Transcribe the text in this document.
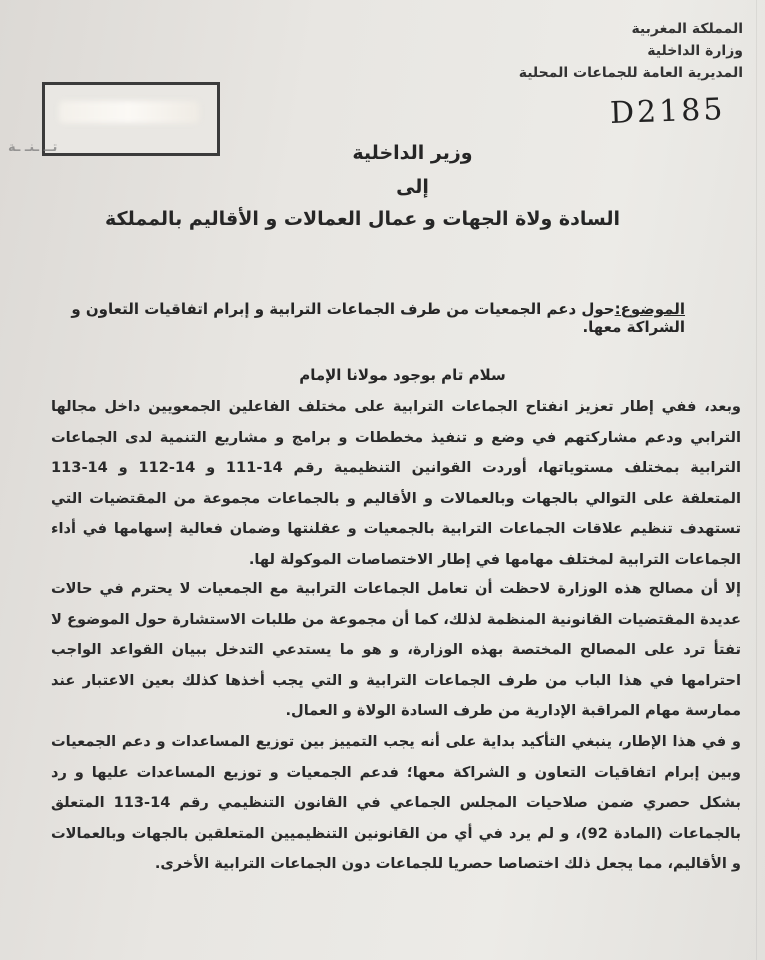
المملكة المغربية
وزارة الداخلية
المديرية العامة للجماعات المحلية
D2185
تــ ـنـ ـة	وزير الداخلية
إلى
السادة ولاة الجهات و عمال العمالات و الأقاليم بالمملكة
الموضوع:حول دعم الجمعيات من طرف الجماعات الترابية و إبرام اتفاقيات التعاون و الشراكة معها.
سلام تام بوجود مولانا الإمام
وبعد، ففي إطار تعزيز انفتاح الجماعات الترابية على مختلف الفاعلين الجمعويين داخل مجالها الترابي ودعم مشاركتهم في وضع و تنفيذ مخططات و برامج و مشاريع التنمية لدى الجماعات الترابية بمختلف مستوياتها، أوردت القوانين التنظيمية رقم 14-111 و 14-112 و 14-113 المتعلقة على التوالي بالجهات وبالعمالات و الأقاليم و بالجماعات مجموعة من المقتضيات التي تستهدف تنظيم علاقات الجماعات الترابية بالجمعيات و عقلنتها وضمان فعالية إسهامها في أداء الجماعات الترابية لمختلف مهامها في إطار الاختصاصات الموكولة لها.
إلا أن مصالح هذه الوزارة لاحظت أن تعامل الجماعات الترابية مع الجمعيات لا يحترم في حالات عديدة المقتضيات القانونية المنظمة لذلك، كما أن مجموعة من طلبات الاستشارة حول الموضوع لا تفتأ ترد على المصالح المختصة بهذه الوزارة، و هو ما يستدعي التدخل ببيان القواعد الواجب احترامها في هذا الباب من طرف الجماعات الترابية و التي يجب أخذها كذلك بعين الاعتبار عند ممارسة مهام المراقبة الإدارية من طرف السادة الولاة و العمال.
و في هذا الإطار، ينبغي التأكيد بداية على أنه يجب التمييز بين توزيع المساعدات و دعم الجمعيات وبين إبرام اتفاقيات التعاون و الشراكة معها؛ فدعم الجمعيات و توزيع المساعدات عليها و رد بشكل حصري ضمن صلاحيات المجلس الجماعي في القانون التنظيمي رقم 14-113 المتعلق بالجماعات (المادة 92)، و لم يرد في أي من القانونين التنظيميين المتعلقين بالجهات وبالعمالات و الأقاليم، مما يجعل ذلك اختصاصا حصريا للجماعات دون الجماعات الترابية الأخرى.
